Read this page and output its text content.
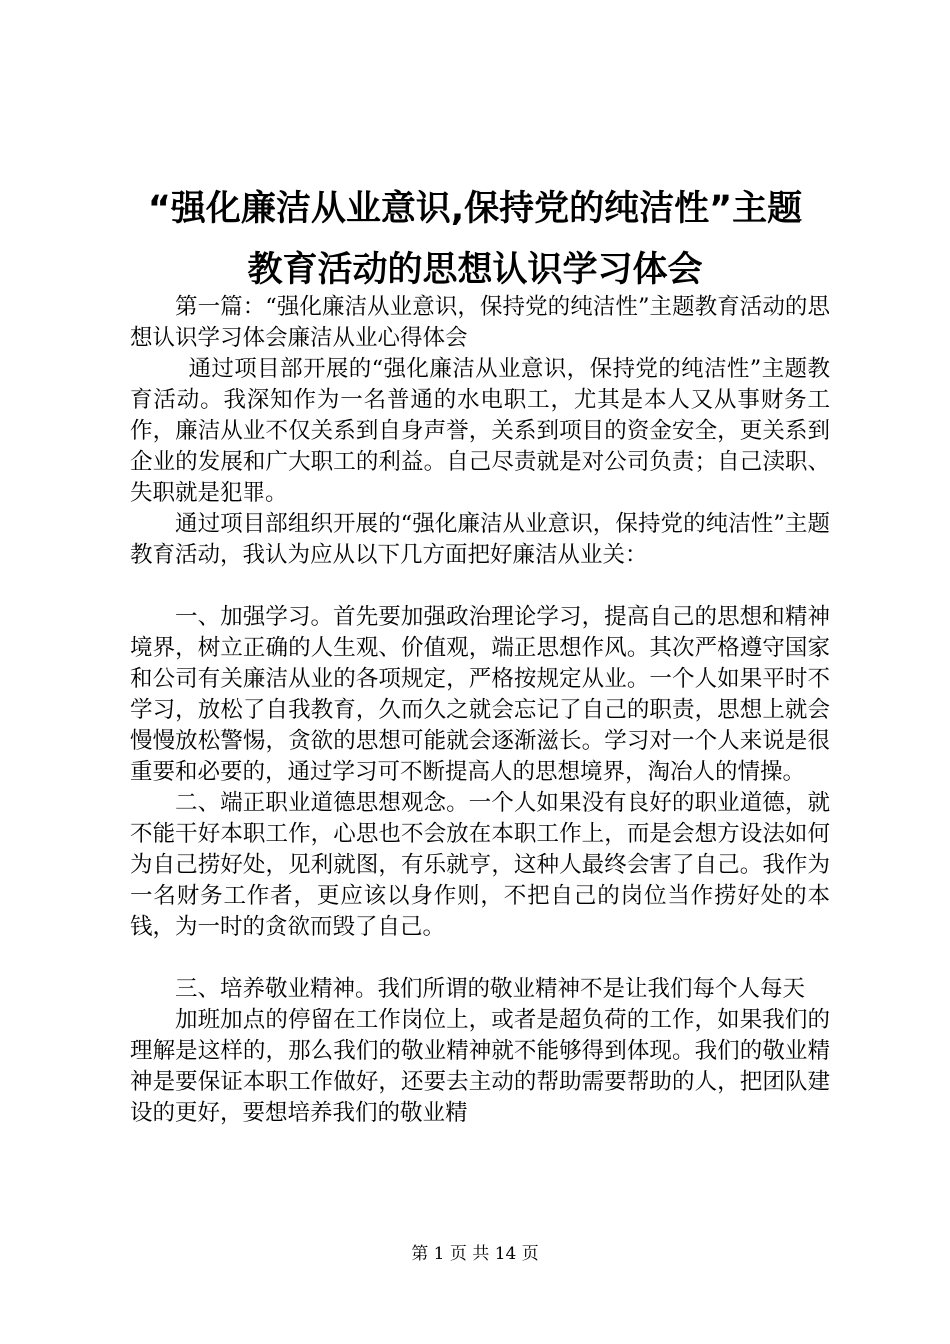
“强化廉洁从业意识,保持党的纯洁性”主题
教育活动的思想认识学习体会

第一篇：“强化廉洁从业意识，保持党的纯洁性”主题教育活动的思想认识学习体会廉洁从业心得体会

通过项目部开展的“强化廉洁从业意识，保持党的纯洁性”主题教育活动。我深知作为一名普通的水电职工，尤其是本人又从事财务工作，廉洁从业不仅关系到自身声誉，关系到项目的资金安全，更关系到企业的发展和广大职工的利益。自己尽责就是对公司负责；自己渎职、失职就是犯罪。

通过项目部组织开展的“强化廉洁从业意识，保持党的纯洁性”主题教育活动，我认为应从以下几方面把好廉洁从业关：

一、加强学习。首先要加强政治理论学习，提高自己的思想和精神境界，树立正确的人生观、价值观，端正思想作风。其次严格遵守国家和公司有关廉洁从业的各项规定，严格按规定从业。一个人如果平时不学习，放松了自我教育，久而久之就会忘记了自己的职责，思想上就会慢慢放松警惕，贪欲的思想可能就会逐渐滋长。学习对一个人来说是很重要和必要的，通过学习可不断提高人的思想境界，淘冶人的情操。

二、端正职业道德思想观念。一个人如果没有良好的职业道德，就不能干好本职工作，心思也不会放在本职工作上，而是会想方设法如何为自己捞好处，见利就图，有乐就亨，这种人最终会害了自己。我作为一名财务工作者，更应该以身作则，不把自己的岗位当作捞好处的本钱，为一时的贪欲而毁了自己。

三、培养敬业精神。我们所谓的敬业精神不是让我们每个人每天

加班加点的停留在工作岗位上，或者是超负荷的工作，如果我们的理解是这样的，那么我们的敬业精神就不能够得到体现。我们的敬业精神是要保证本职工作做好，还要去主动的帮助需要帮助的人，把团队建设的更好，要想培养我们的敬业精

第 1 页 共 14 页
